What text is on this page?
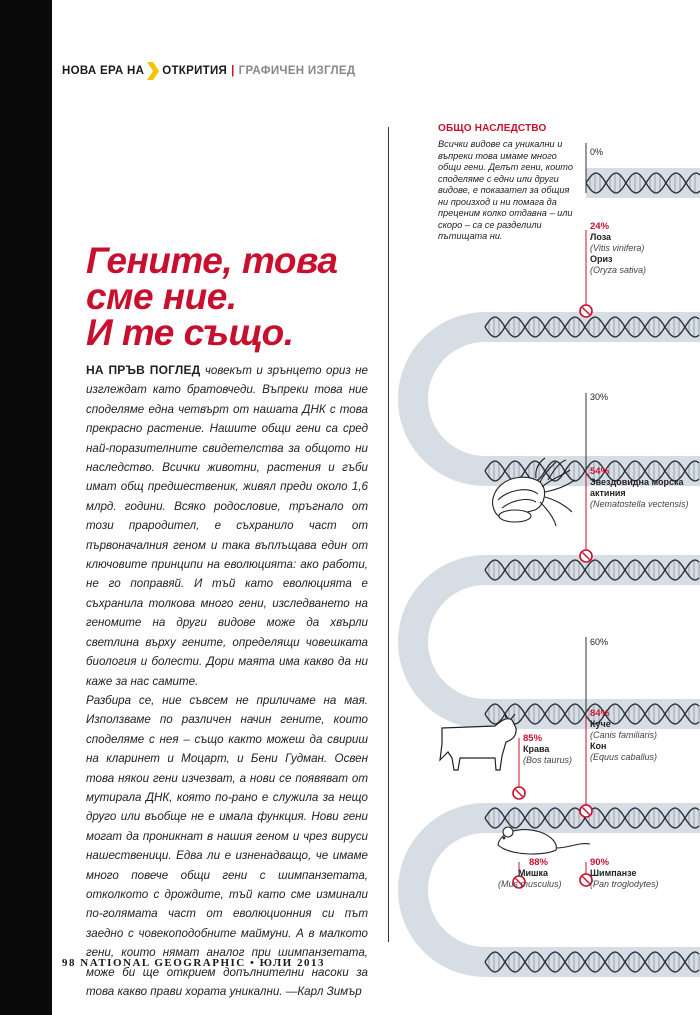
НОВА ЕРА НА ОТКРИТИЯ | ГРАФИЧЕН ИЗГЛЕД
Гените, това
сме ние.
И те също.

НА ПРЪВ ПОГЛЕД човекът и зрънцето ориз не изглеждат като братовчеди. Въпреки това ние споделяме една четвърт от нашата ДНК с това прекрасно растение. Нашите общи гени са сред най-поразителните свидетелства за общото ни наследство. Всички животни, растения и гъби имат общ предшественик, живял преди около 1,6 млрд. години. Всяко родословие, тръгнало от този прародител, е съхранило част от първоначалния геном и така въплъщава един от ключовите принципи на еволюцията: ако работи, не го поправяй. И тъй като еволюцията е съхранила толкова много гени, изследването на геномите на други видове може да хвърли светлина върху гените, определящи човешката биология и болести. Дори маята има какво да ни каже за нас самите.

Разбира се, ние съвсем не приличаме на мая. Използваме по различен начин гените, които споделяме с нея – също както можеш да свириш на кларинет и Моцарт, и Бени Гудман. Освен това някои гени изчезват, а нови се появяват от мутирала ДНК, която по-рано е служила за нещо друго или въобще не е имала функция. Нови гени могат да проникнат в нашия геном и чрез вируси нашественици. Едва ли е изненадващо, че имаме много повече общи гени с шимпанзетата, отколкото с дрождите, тъй като сме изминали по-голямата част от еволюционния си път заедно с човекоподобните маймуни. А в малкото гени, които нямат аналог при шимпанзетата, може би ще открием допълнителни насоки за това какво прави хората уникални. —Карл Зимър

98 NATIONAL GEOGRAPHIC • ЮЛИ 2013
ОБЩО НАСЛЕДСТВО
Всички видове са уникални и въпреки това имаме много общи гени. Делът гени, които споделяме с едни или други видове, е показател за общия ни произход и ни помага да преценим колко отдавна – или скоро – са се разделили пътищата ни.
0%
30%
60%
24%
Лоза
(Vitis vinifera)
Ориз
(Oryza sativa)
54%
Звездовидна морска актиния
(Nematostella vectensis)
84%
Куче
(Canis familiaris)
Кон
(Equus caballus)
85%
Крава
(Bos taurus)
88%
Мишка
(Mus musculus)
90%
Шимпанзе
(Pan troglodytes)
